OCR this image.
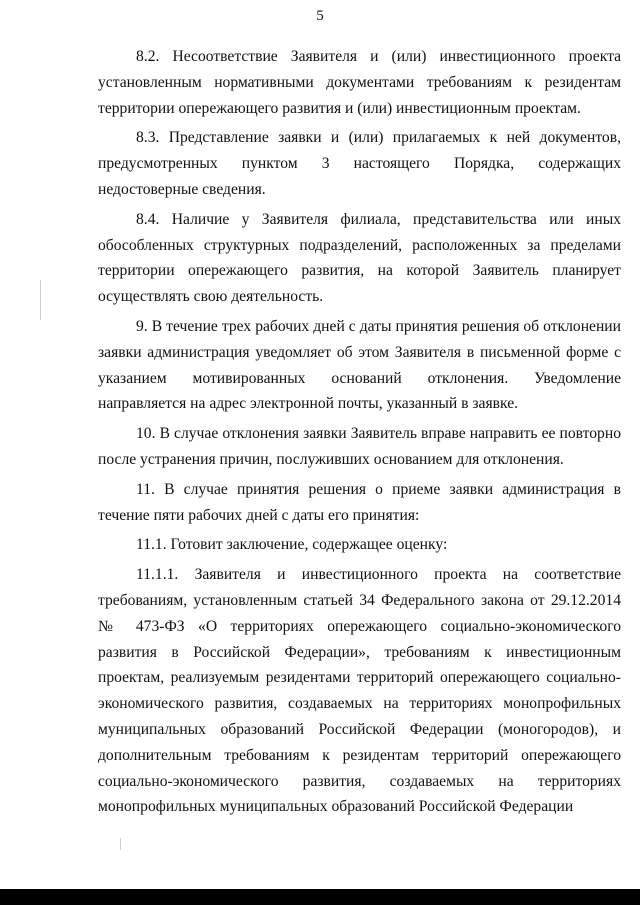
5

8.2. Несоответствие Заявителя и (или) инвестиционного проекта установленным нормативными документами требованиям к резидентам территории опережающего развития и (или) инвестиционным проектам.

8.3. Представление заявки и (или) прилагаемых к ней документов, предусмотренных пунктом 3 настоящего Порядка, содержащих недостоверные сведения.

8.4. Наличие у Заявителя филиала, представительства или иных обособленных структурных подразделений, расположенных за пределами территории опережающего развития, на которой Заявитель планирует осуществлять свою деятельность.

9. В течение трех рабочих дней с даты принятия решения об отклонении заявки администрация уведомляет об этом Заявителя в письменной форме с указанием мотивированных оснований отклонения. Уведомление направляется на адрес электронной почты, указанный в заявке.

10. В случае отклонения заявки Заявитель вправе направить ее повторно после устранения причин, послуживших основанием для отклонения.

11. В случае принятия решения о приеме заявки администрация в течение пяти рабочих дней с даты его принятия:

11.1. Готовит заключение, содержащее оценку:

11.1.1. Заявителя и инвестиционного проекта на соответствие требованиям, установленным статьей 34 Федерального закона от 29.12.2014 № 473-ФЗ «О территориях опережающего социально-экономического развития в Российской Федерации», требованиям к инвестиционным проектам, реализуемым резидентами территорий опережающего социально-экономического развития, создаваемых на территориях монопрофильных муниципальных образований Российской Федерации (моногородов), и дополнительным требованиям к резидентам территорий опережающего социально-экономического развития, создаваемых на территориях монопрофильных муниципальных образований Российской Федерации
